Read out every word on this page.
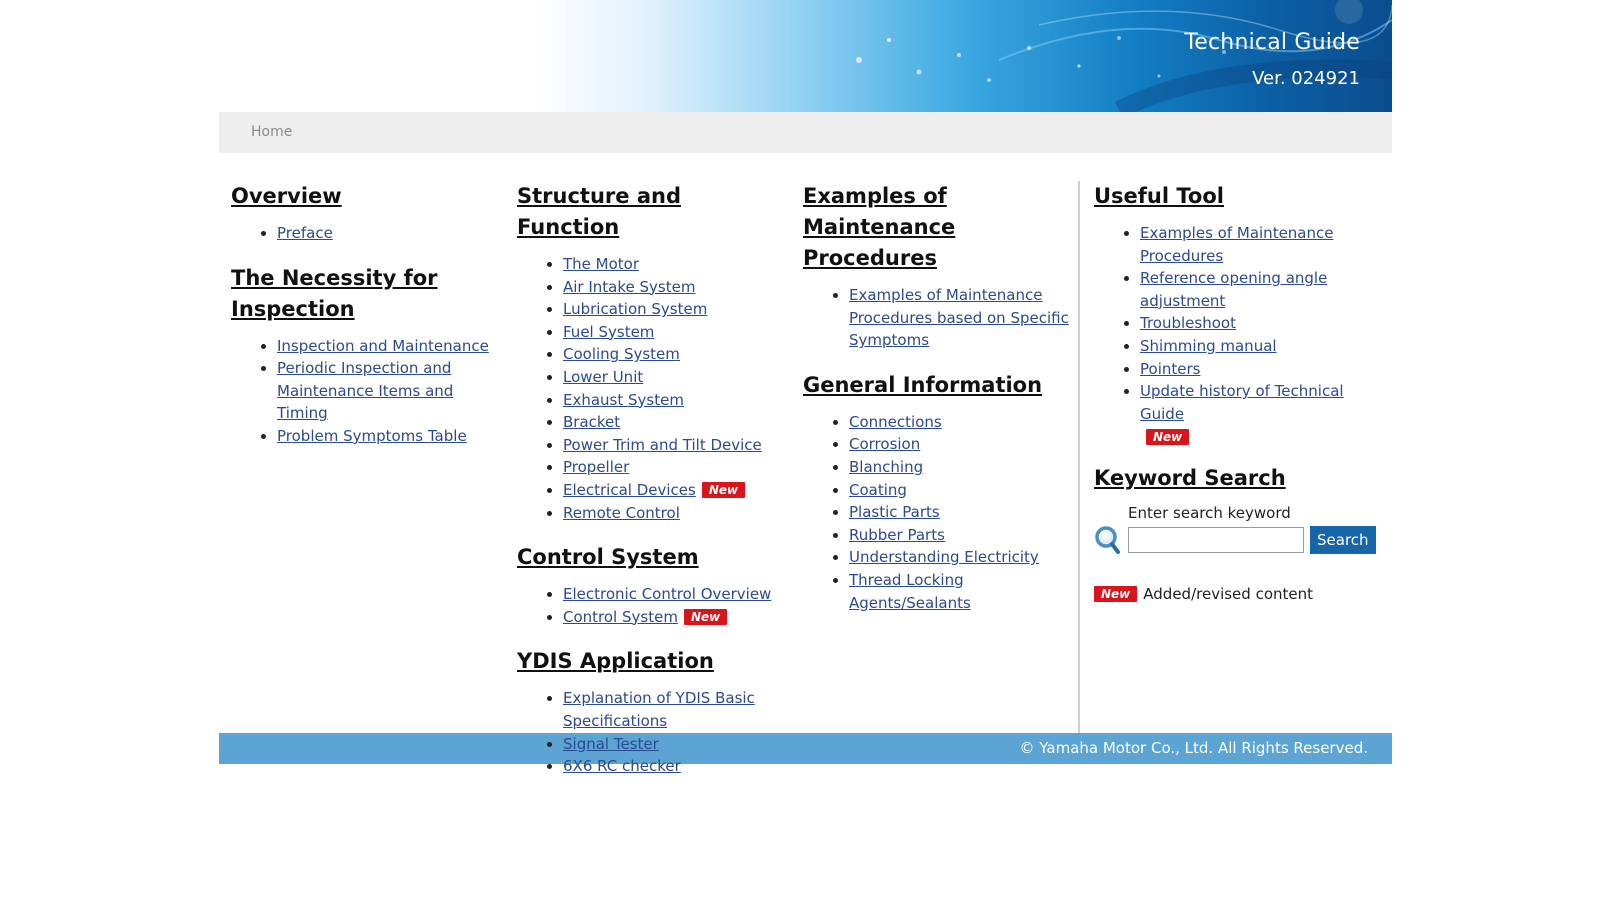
Technical Guide
Ver. 024921
Home
Overview
• Preface
The Necessity for Inspection
• Inspection and Maintenance
• Periodic Inspection and Maintenance Items and Timing
• Problem Symptoms Table
Structure and Function
• The Motor
• Air Intake System
• Lubrication System
• Fuel System
• Cooling System
• Lower Unit
• Exhaust System
• Bracket
• Power Trim and Tilt Device
• Propeller
• Electrical Devices New
• Remote Control
Control System
• Electronic Control Overview
• Control System New
YDIS Application
• Explanation of YDIS Basic Specifications
• Signal Tester
• 6X6 RC checker
Examples of Maintenance Procedures
• Examples of Maintenance Procedures based on Specific Symptoms
General Information
• Connections
• Corrosion
• Blanching
• Coating
• Plastic Parts
• Rubber Parts
• Understanding Electricity
• Thread Locking Agents/Sealants
Useful Tool
• Examples of Maintenance Procedures
• Reference opening angle adjustment
• Troubleshoot
• Shimming manual
• Pointers
• Update history of Technical Guide
New
Keyword Search
Enter search keyword
Search
New Added/revised content
© Yamaha Motor Co., Ltd. All Rights Reserved.
